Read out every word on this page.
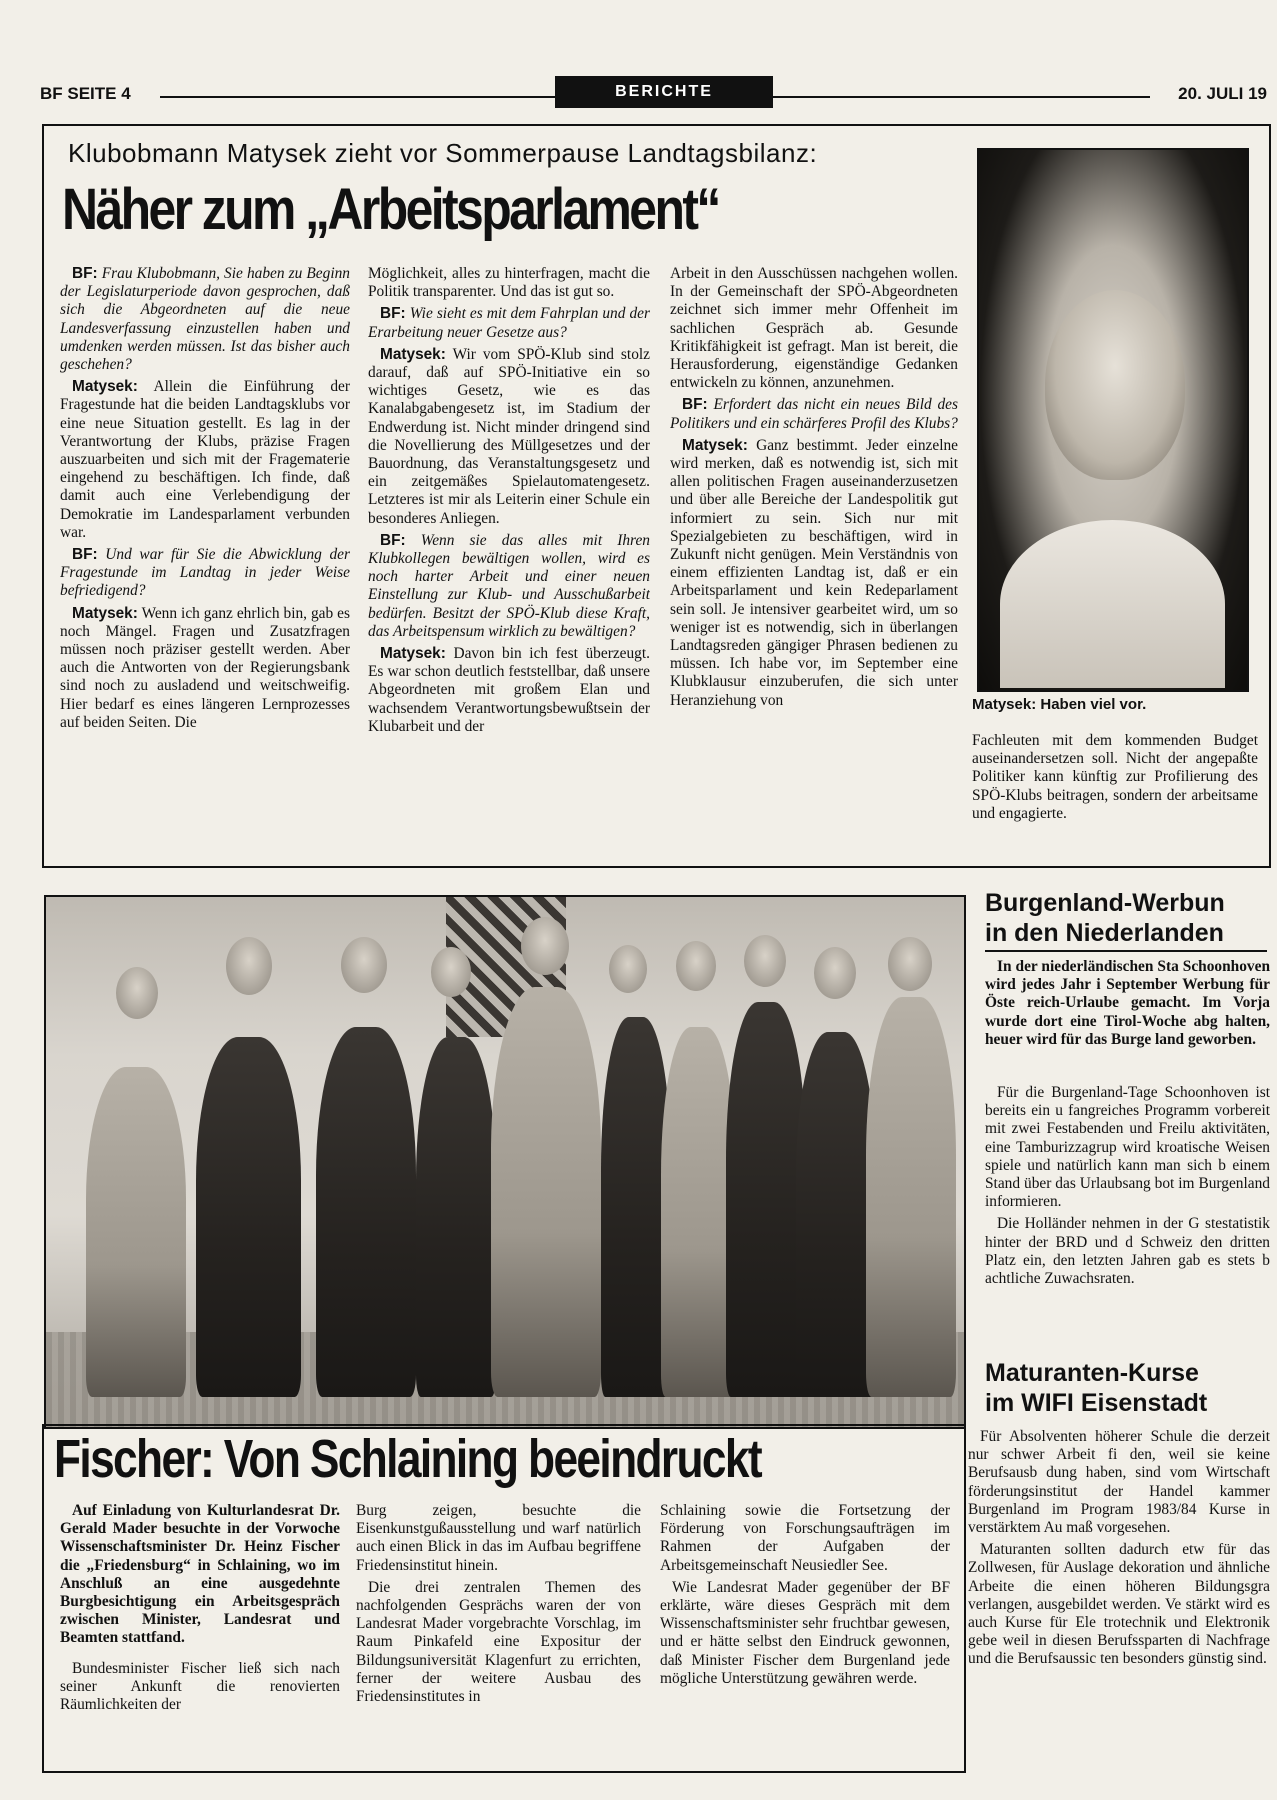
BF SEITE 4	BERICHTE	20. JULI 19
Klubobmann Matysek zieht vor Sommerpause Landtagsbilanz:
Näher zum „Arbeitsparlament“

BF: Frau Klubobmann, Sie haben zu Beginn der Legislaturperiode davon gesprochen, daß sich die Abgeordneten auf die neue Landesverfassung einzustellen haben und umdenken werden müssen. Ist das bisher auch geschehen?

Matysek: Allein die Einführung der Fragestunde hat die beiden Landtagsklubs vor eine neue Situation gestellt. Es lag in der Verantwortung der Klubs, präzise Fragen auszuarbeiten und sich mit der Fragematerie eingehend zu beschäftigen. Ich finde, daß damit auch eine Verlebendigung der Demokratie im Landesparlament verbunden war.

BF: Und war für Sie die Abwicklung der Fragestunde im Landtag in jeder Weise befriedigend?

Matysek: Wenn ich ganz ehrlich bin, gab es noch Mängel. Fragen und Zusatzfragen müssen noch präziser gestellt werden. Aber auch die Antworten von der Regierungsbank sind noch zu ausladend und weitschweifig. Hier bedarf es eines längeren Lernprozesses auf beiden Seiten. Die

Möglichkeit, alles zu hinterfragen, macht die Politik transparenter. Und das ist gut so.

BF: Wie sieht es mit dem Fahrplan und der Erarbeitung neuer Gesetze aus?

Matysek: Wir vom SPÖ-Klub sind stolz darauf, daß auf SPÖ-Initiative ein so wichtiges Gesetz, wie es das Kanalabgabengesetz ist, im Stadium der Endwerdung ist. Nicht minder dringend sind die Novellierung des Müllgesetzes und der Bauordnung, das Veranstaltungsgesetz und ein zeitgemäßes Spielautomatengesetz. Letzteres ist mir als Leiterin einer Schule ein besonderes Anliegen.

BF: Wenn sie das alles mit Ihren Klubkollegen bewältigen wollen, wird es noch harter Arbeit und einer neuen Einstellung zur Klub- und Ausschußarbeit bedürfen. Besitzt der SPÖ-Klub diese Kraft, das Arbeitspensum wirklich zu bewältigen?

Matysek: Davon bin ich fest überzeugt. Es war schon deutlich feststellbar, daß unsere Abgeordneten mit großem Elan und wachsendem Verantwortungsbewußtsein der Klubarbeit und der

Arbeit in den Ausschüssen nachgehen wollen. In der Gemeinschaft der SPÖ-Abgeordneten zeichnet sich immer mehr Offenheit im sachlichen Gespräch ab. Gesunde Kritikfähigkeit ist gefragt. Man ist bereit, die Herausforderung, eigenständige Gedanken entwickeln zu können, anzunehmen.

BF: Erfordert das nicht ein neues Bild des Politikers und ein schärferes Profil des Klubs?

Matysek: Ganz bestimmt. Jeder einzelne wird merken, daß es notwendig ist, sich mit allen politischen Fragen auseinanderzusetzen und über alle Bereiche der Landespolitik gut informiert zu sein. Sich nur mit Spezialgebieten zu beschäftigen, wird in Zukunft nicht genügen. Mein Verständnis von einem effizienten Landtag ist, daß er ein Arbeitsparlament und kein Redeparlament sein soll. Je intensiver gearbeitet wird, um so weniger ist es notwendig, sich in überlangen Landtagsreden gängiger Phrasen bedienen zu müssen. Ich habe vor, im September eine Klubklausur einzuberufen, die sich unter Heranziehung von	Matysek: Haben viel vor.

Fachleuten mit dem kommenden Budget auseinandersetzen soll. Nicht der angepaßte Politiker kann künftig zur Profilierung des SPÖ-Klubs beitragen, sondern der arbeitsame und engagierte.

Fischer: Von Schlaining beeindruckt

Auf Einladung von Kulturlandesrat Dr. Gerald Mader besuchte in der Vorwoche Wissenschaftsminister Dr. Heinz Fischer die „Friedensburg“ in Schlaining, wo im Anschluß an eine ausgedehnte Burgbesichtigung ein Arbeitsgespräch zwischen Minister, Landesrat und Beamten stattfand.

Bundesminister Fischer ließ sich nach seiner Ankunft die renovierten Räumlichkeiten der

Burg zeigen, besuchte die Eisenkunstgußausstellung und warf natürlich auch einen Blick in das im Aufbau begriffene Friedensinstitut hinein.

Die drei zentralen Themen des nachfolgenden Gesprächs waren der von Landesrat Mader vorgebrachte Vorschlag, im Raum Pinkafeld eine Expositur der Bildungsuniversität Klagenfurt zu errichten, ferner der weitere Ausbau des Friedensinstitutes in

Schlaining sowie die Fortsetzung der Förderung von Forschungsaufträgen im Rahmen der Aufgaben der Arbeitsgemeinschaft Neusiedler See.

Wie Landesrat Mader gegenüber der BF erklärte, wäre dieses Gespräch mit dem Wissenschaftsminister sehr fruchtbar gewesen, und er hätte selbst den Eindruck gewonnen, daß Minister Fischer dem Burgenland jede mögliche Unterstützung gewähren werde.

Burgenland-Werbun
in den Niederlanden

In der niederländischen Sta Schoonhoven wird jedes Jahr i September Werbung für Öste reich-Urlaube gemacht. Im Vorja wurde dort eine Tirol-Woche abg halten, heuer wird für das Burge land geworben.

Für die Burgenland-Tage Schoonhoven ist bereits ein u fangreiches Programm vorbereit mit zwei Festabenden und Freilu aktivitäten, eine Tamburizzagrup wird kroatische Weisen spiele und natürlich kann man sich b einem Stand über das Urlaubsang bot im Burgenland informieren.

Die Holländer nehmen in der G stestatistik hinter der BRD und d Schweiz den dritten Platz ein, den letzten Jahren gab es stets b achtliche Zuwachsraten.

Maturanten-Kurse
im WIFI Eisenstadt

Für Absolventen höherer Schule die derzeit nur schwer Arbeit fi den, weil sie keine Berufsausb dung haben, sind vom Wirtschaft förderungsinstitut der Handel kammer Burgenland im Program 1983/84 Kurse in verstärktem Au maß vorgesehen.

Maturanten sollten dadurch etw für das Zollwesen, für Auslage dekoration und ähnliche Arbeite die einen höheren Bildungsgra verlangen, ausgebildet werden. Ve stärkt wird es auch Kurse für Ele trotechnik und Elektronik gebe weil in diesen Berufssparten di Nachfrage und die Berufsaussic ten besonders günstig sind.
